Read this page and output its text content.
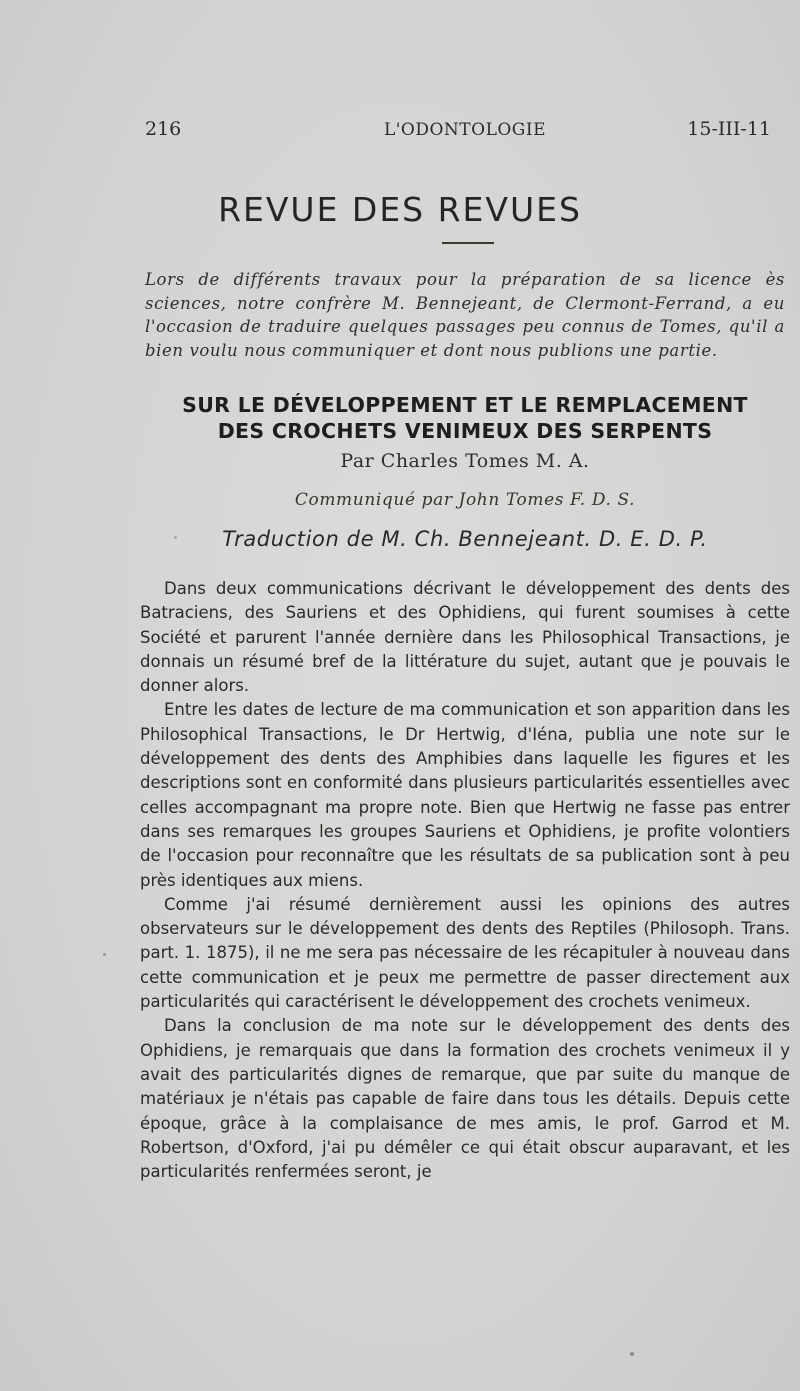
216	L'ODONTOLOGIE	15-III-11
REVUE DES REVUES
Lors de différents travaux pour la préparation de sa licence ès sciences, notre confrère M. Bennejeant, de Clermont-Ferrand, a eu l'occasion de traduire quelques passages peu connus de Tomes, qu'il a bien voulu nous communiquer et dont nous publions une partie.
SUR LE DÉVELOPPEMENT ET LE REMPLACEMENT
DES CROCHETS VENIMEUX DES SERPENTS
Par Charles Tomes M. A.
Communiqué par John Tomes F. D. S.
Traduction de M. Ch. Bennejeant. D. E. D. P.

Dans deux communications décrivant le développement des dents des Batraciens, des Sauriens et des Ophidiens, qui furent soumises à cette Société et parurent l'année dernière dans les Philosophical Transactions, je donnais un résumé bref de la littérature du sujet, autant que je pouvais le donner alors.

Entre les dates de lecture de ma communication et son apparition dans les Philosophical Transactions, le Dr Hertwig, d'Iéna, publia une note sur le développement des dents des Amphibies dans laquelle les figures et les descriptions sont en conformité dans plusieurs particularités essentielles avec celles accompagnant ma propre note. Bien que Hertwig ne fasse pas entrer dans ses remarques les groupes Sauriens et Ophidiens, je profite volontiers de l'occasion pour reconnaître que les résultats de sa publication sont à peu près identiques aux miens.

Comme j'ai résumé dernièrement aussi les opinions des autres observateurs sur le développement des dents des Reptiles (Philosoph. Trans. part. 1. 1875), il ne me sera pas nécessaire de les récapituler à nouveau dans cette communication et je peux me permettre de passer directement aux particularités qui caractérisent le développement des crochets venimeux.

Dans la conclusion de ma note sur le développement des dents des Ophidiens, je remarquais que dans la formation des crochets venimeux il y avait des particularités dignes de remarque, que par suite du manque de matériaux je n'étais pas capable de faire dans tous les détails. Depuis cette époque, grâce à la complaisance de mes amis, le prof. Garrod et M. Robertson, d'Oxford, j'ai pu démêler ce qui était obscur auparavant, et les particularités renfermées seront, je
